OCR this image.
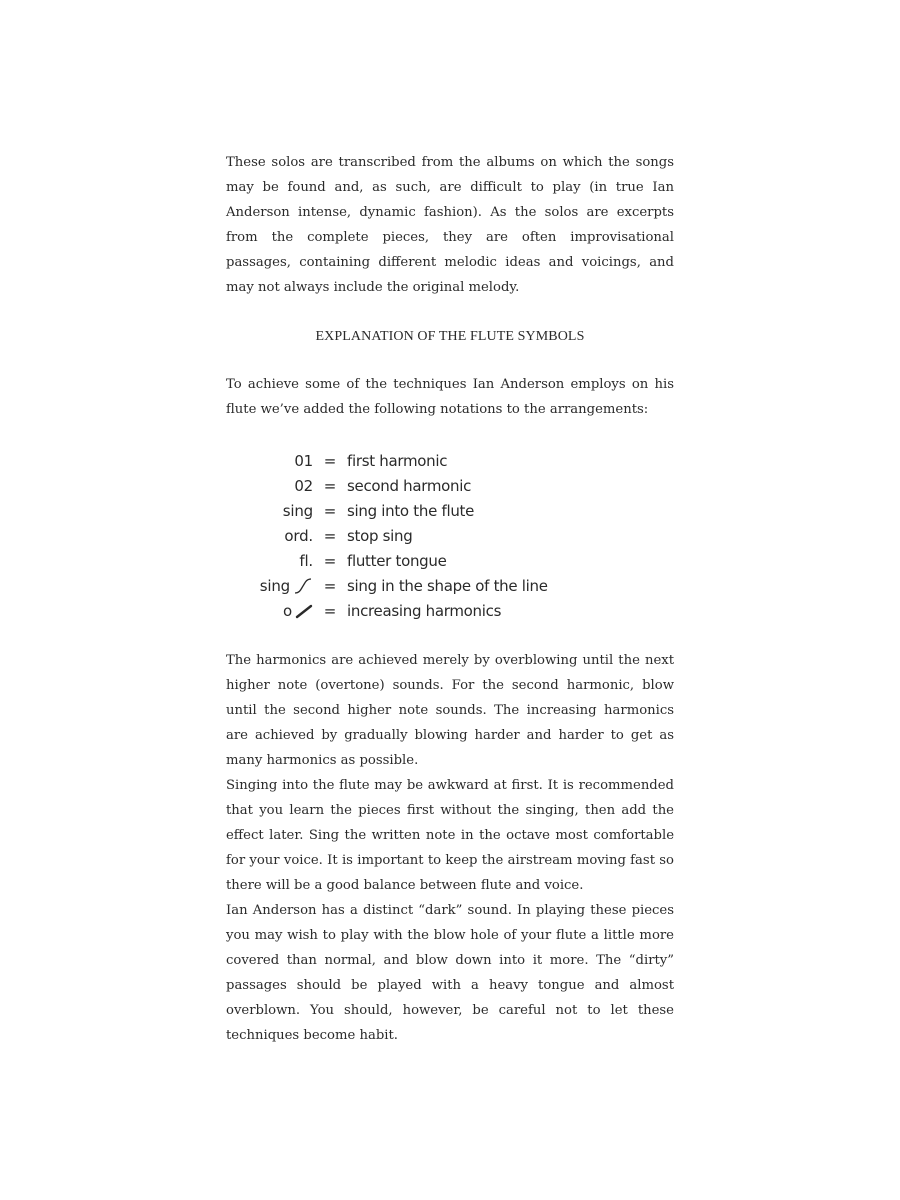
These solos are transcribed from the albums on which the songs may be found and, as such, are difficult to play (in true Ian Anderson intense, dynamic fashion). As the solos are excerpts from the complete pieces, they are often improvisational passages, containing different melodic ideas and voicings, and may not always include the original melody.

EXPLANATION OF THE FLUTE SYMBOLS

To achieve some of the techniques Ian Anderson employs on his flute we’ve added the following notations to the arrangements:

01 = first harmonic
02 = second harmonic
sing = sing into the flute
ord. = stop sing
fl. = flutter tongue
sing	= sing in the shape of the line
o	= increasing harmonics

The harmonics are achieved merely by overblowing until the next higher note (overtone) sounds. For the second harmonic, blow until the second higher note sounds. The increasing harmonics are achieved by gradually blowing harder and harder to get as many harmonics as possible.

Singing into the flute may be awkward at first. It is recommended that you learn the pieces first without the singing, then add the effect later. Sing the written note in the octave most comfortable for your voice. It is important to keep the airstream moving fast so there will be a good balance between flute and voice.

Ian Anderson has a distinct “dark” sound. In playing these pieces you may wish to play with the blow hole of your flute a little more covered than normal, and blow down into it more. The “dirty” passages should be played with a heavy tongue and almost overblown. You should, however, be careful not to let these techniques become habit.
